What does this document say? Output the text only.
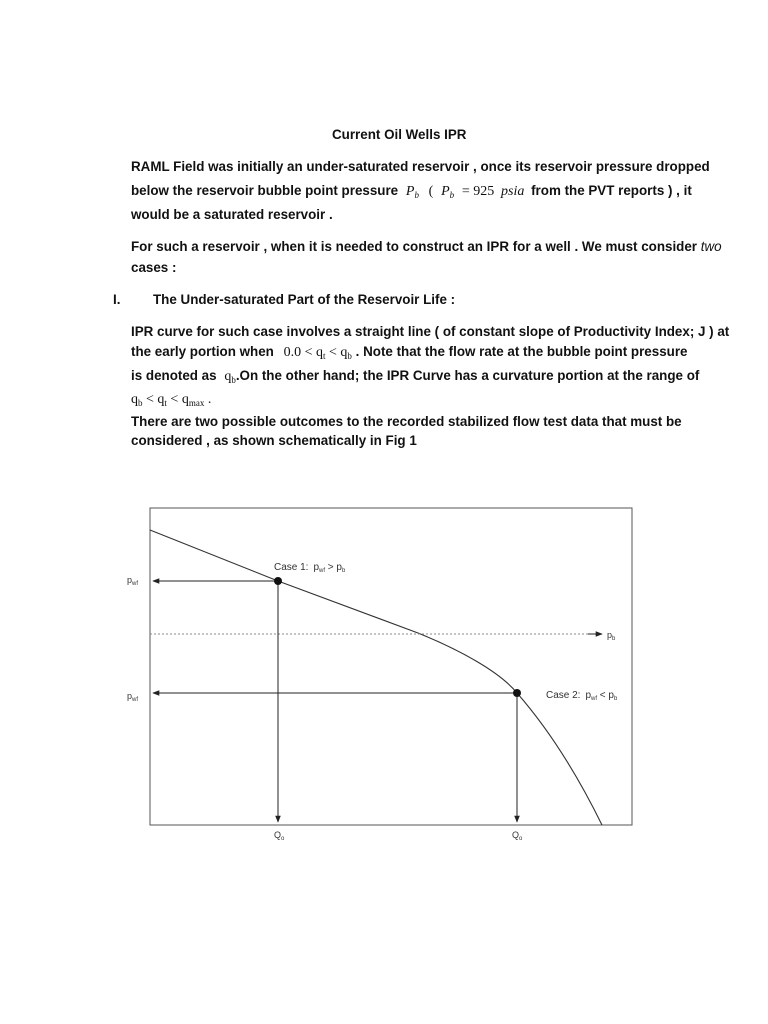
Current Oil Wells IPR
RAML Field was initially an under-saturated reservoir , once its reservoir pressure dropped
below the reservoir bubble point pressure $P_b$ ( $P_b = 925$ psia from the PVT reports ) , it
would be a saturated reservoir .
For such a reservoir , when it is needed to construct an IPR for a well . We must consider two
cases :
I. The Under-saturated Part of the Reservoir Life :
IPR curve for such case involves a straight line ( of constant slope of Productivity Index; J ) at
the early portion when $0.0 < q_t < q_b$ . Note that the flow rate at the bubble point pressure
is denoted as $q_b.On$ the other hand; the IPR Curve has a curvature portion at the range of
$q_b < q_t < q_{max}$ .
There are two possible outcomes to the recorded stabilized flow test data that must be
considered , as shown schematically in Fig 1
Case 1: $p_{wf} > p_b$
Case 2: $p_{wf} < p_b$
$p_{wf}$
$p_{wf}$
$p_b$
$Q_o$	$Q_o$
